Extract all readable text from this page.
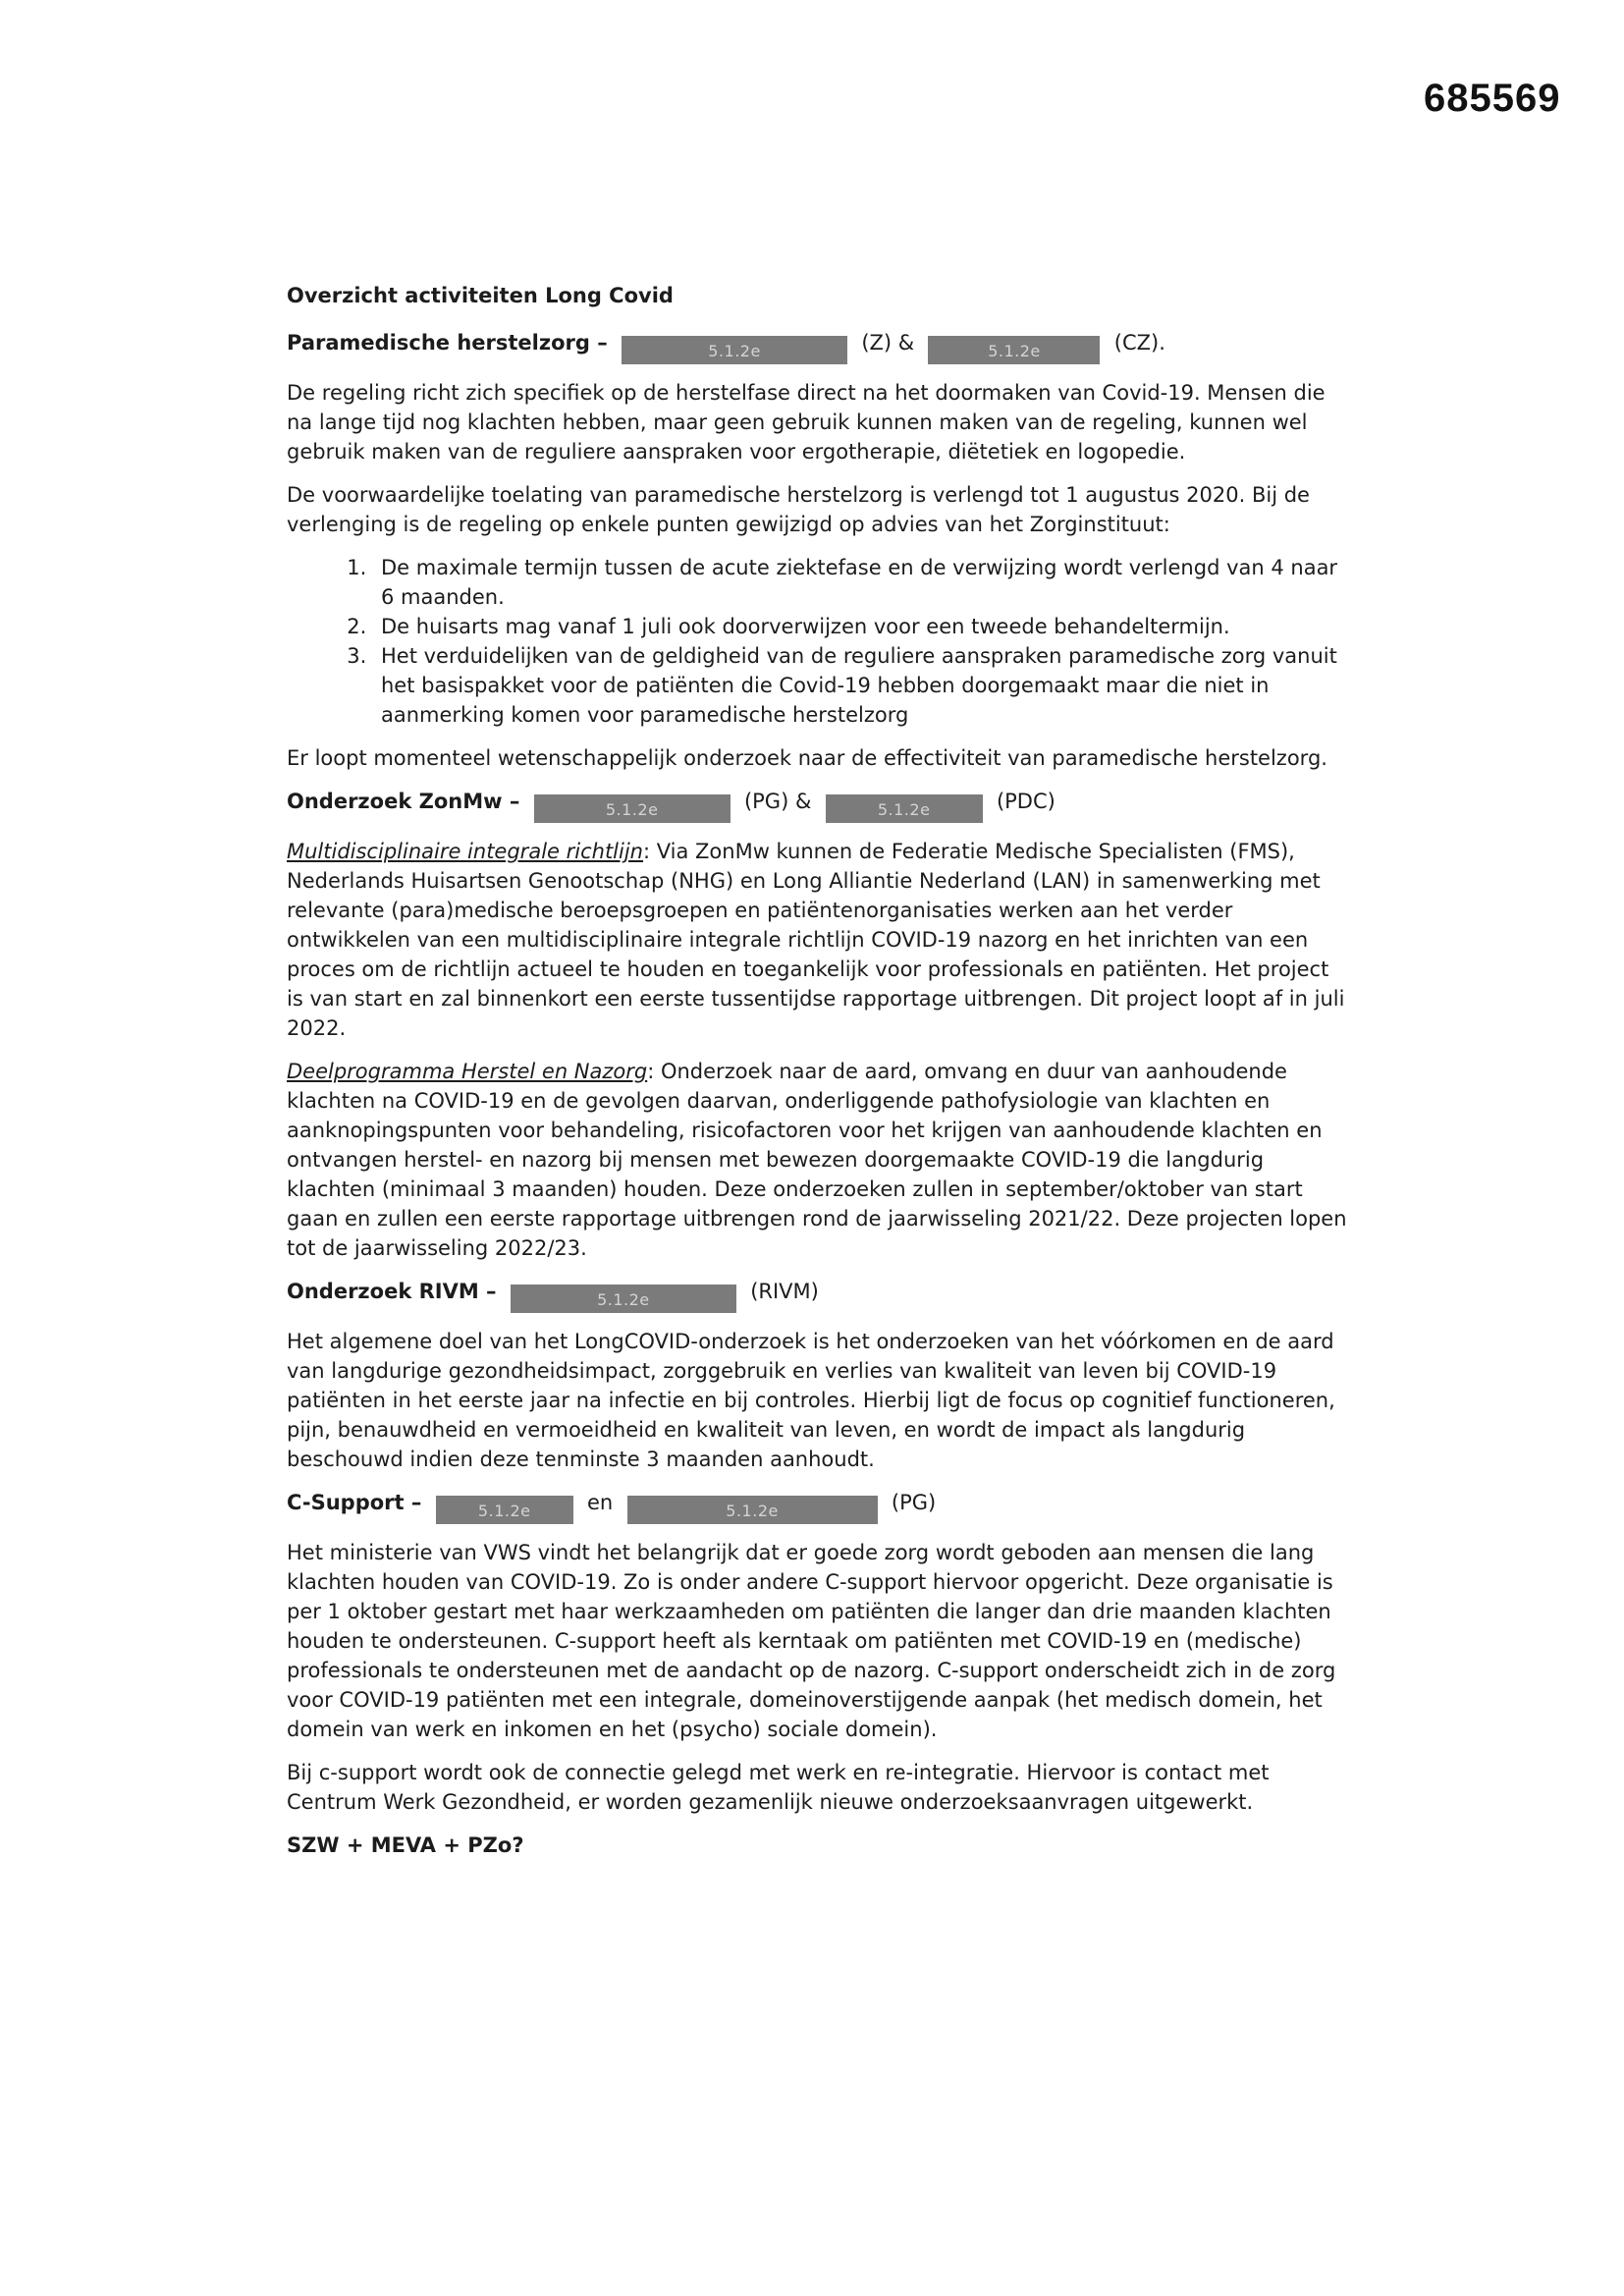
685569
Overzicht activiteiten Long Covid

Paramedische herstelzorg –	5.1.2e	(Z) &	5.1.2e	(CZ).

De regeling richt zich specifiek op de herstelfase direct na het doormaken van Covid-19. Mensen die na lange tijd nog klachten hebben, maar geen gebruik kunnen maken van de regeling, kunnen wel gebruik maken van de reguliere aanspraken voor ergotherapie, diëtetiek en logopedie.

De voorwaardelijke toelating van paramedische herstelzorg is verlengd tot 1 augustus 2020. Bij de verlenging is de regeling op enkele punten gewijzigd op advies van het Zorginstituut:

1. De maximale termijn tussen de acute ziektefase en de verwijzing wordt verlengd van 4 naar 6 maanden.
2. De huisarts mag vanaf 1 juli ook doorverwijzen voor een tweede behandeltermijn.
3. Het verduidelijken van de geldigheid van de reguliere aanspraken paramedische zorg vanuit het basispakket voor de patiënten die Covid-19 hebben doorgemaakt maar die niet in aanmerking komen voor paramedische herstelzorg

Er loopt momenteel wetenschappelijk onderzoek naar de effectiviteit van paramedische herstelzorg.

Onderzoek ZonMw –	5.1.2e	(PG) &	5.1.2e	(PDC)

Multidisciplinaire integrale richtlijn: Via ZonMw kunnen de Federatie Medische Specialisten (FMS), Nederlands Huisartsen Genootschap (NHG) en Long Alliantie Nederland (LAN) in samenwerking met relevante (para)medische beroepsgroepen en patiëntenorganisaties werken aan het verder ontwikkelen van een multidisciplinaire integrale richtlijn COVID-19 nazorg en het inrichten van een proces om de richtlijn actueel te houden en toegankelijk voor professionals en patiënten. Het project is van start en zal binnenkort een eerste tussentijdse rapportage uitbrengen. Dit project loopt af in juli 2022.

Deelprogramma Herstel en Nazorg: Onderzoek naar de aard, omvang en duur van aanhoudende klachten na COVID-19 en de gevolgen daarvan, onderliggende pathofysiologie van klachten en aanknopingspunten voor behandeling, risicofactoren voor het krijgen van aanhoudende klachten en ontvangen herstel- en nazorg bij mensen met bewezen doorgemaakte COVID-19 die langdurig klachten (minimaal 3 maanden) houden. Deze onderzoeken zullen in september/oktober van start gaan en zullen een eerste rapportage uitbrengen rond de jaarwisseling 2021/22. Deze projecten lopen tot de jaarwisseling 2022/23.

Onderzoek RIVM –	5.1.2e	(RIVM)

Het algemene doel van het LongCOVID-onderzoek is het onderzoeken van het vóórkomen en de aard van langdurige gezondheidsimpact, zorggebruik en verlies van kwaliteit van leven bij COVID-19 patiënten in het eerste jaar na infectie en bij controles. Hierbij ligt de focus op cognitief functioneren, pijn, benauwdheid en vermoeidheid en kwaliteit van leven, en wordt de impact als langdurig beschouwd indien deze tenminste 3 maanden aanhoudt.

C-Support –	5.1.2e	en	5.1.2e	(PG)

Het ministerie van VWS vindt het belangrijk dat er goede zorg wordt geboden aan mensen die lang klachten houden van COVID-19. Zo is onder andere C-support hiervoor opgericht. Deze organisatie is per 1 oktober gestart met haar werkzaamheden om patiënten die langer dan drie maanden klachten houden te ondersteunen. C-support heeft als kerntaak om patiënten met COVID-19 en (medische) professionals te ondersteunen met de aandacht op de nazorg. C-support onderscheidt zich in de zorg voor COVID-19 patiënten met een integrale, domeinoverstijgende aanpak (het medisch domein, het domein van werk en inkomen en het (psycho) sociale domein).

Bij c-support wordt ook de connectie gelegd met werk en re-integratie. Hiervoor is contact met Centrum Werk Gezondheid, er worden gezamenlijk nieuwe onderzoeksaanvragen uitgewerkt.

SZW + MEVA + PZo?
